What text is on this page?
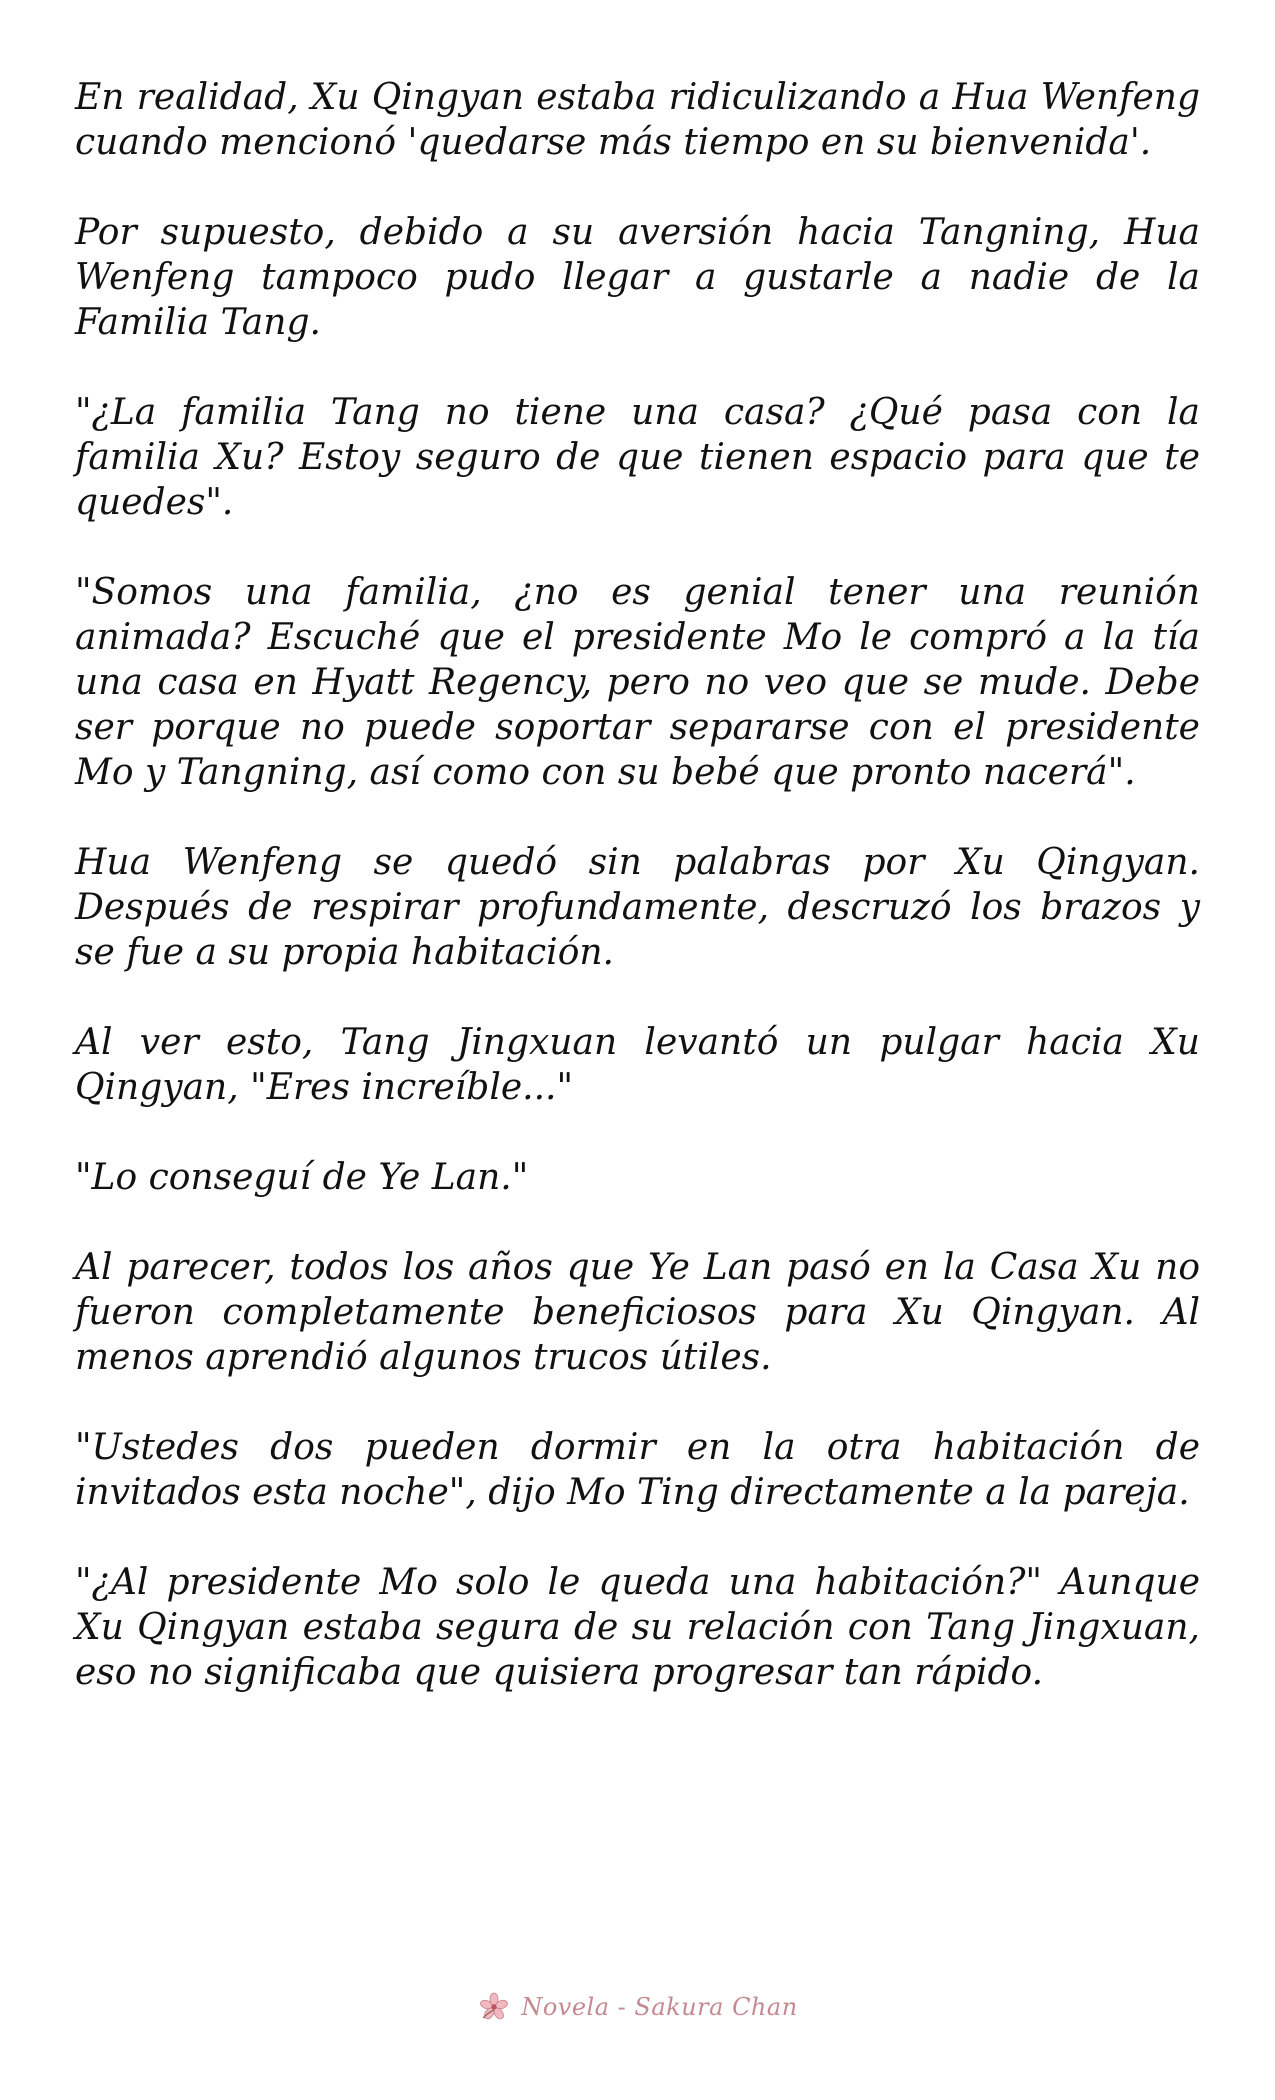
En realidad, Xu Qingyan estaba ridiculizando a Hua Wenfeng cuando mencionó 'quedarse más tiempo en su bienvenida'.

Por supuesto, debido a su aversión hacia Tangning, Hua Wenfeng tampoco pudo llegar a gustarle a nadie de la Familia Tang.

"¿La familia Tang no tiene una casa? ¿Qué pasa con la familia Xu? Estoy seguro de que tienen espacio para que te quedes".

"Somos una familia, ¿no es genial tener una reunión animada? Escuché que el presidente Mo le compró a la tía una casa en Hyatt Regency, pero no veo que se mude. Debe ser porque no puede soportar separarse con el presidente Mo y Tangning, así como con su bebé que pronto nacerá".

Hua Wenfeng se quedó sin palabras por Xu Qingyan. Después de respirar profundamente, descruzó los brazos y se fue a su propia habitación.

Al ver esto, Tang Jingxuan levantó un pulgar hacia Xu Qingyan, "Eres increíble..."

"Lo conseguí de Ye Lan."

Al parecer, todos los años que Ye Lan pasó en la Casa Xu no fueron completamente beneficiosos para Xu Qingyan. Al menos aprendió algunos trucos útiles.

"Ustedes dos pueden dormir en la otra habitación de invitados esta noche", dijo Mo Ting directamente a la pareja.

"¿Al presidente Mo solo le queda una habitación?" Aunque Xu Qingyan estaba segura de su relación con Tang Jingxuan, eso no significaba que quisiera progresar tan rápido.

Novela - Sakura Chan
